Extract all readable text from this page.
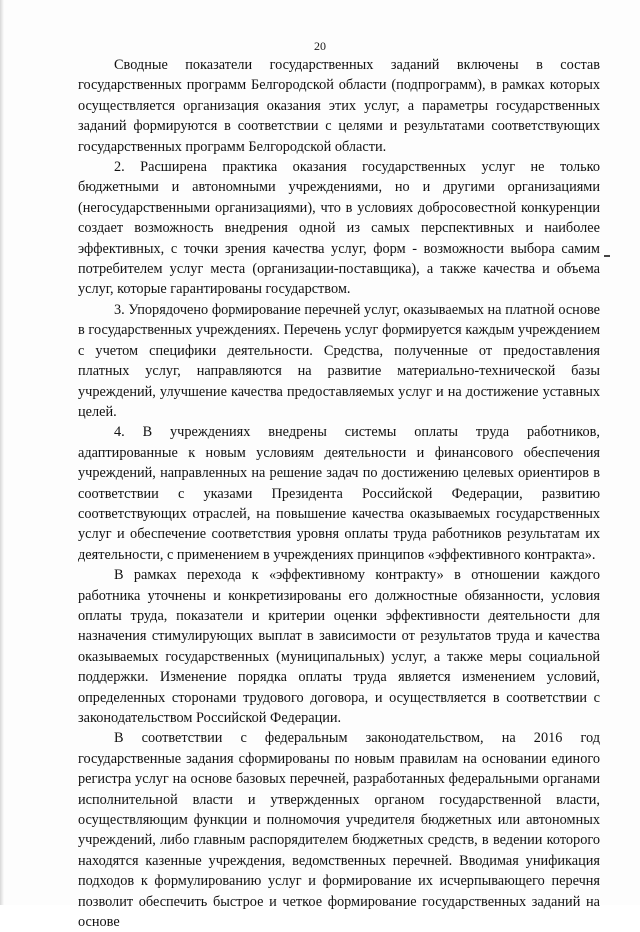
20

Сводные показатели государственных заданий включены в состав государственных программ Белгородской области (подпрограмм), в рамках которых осуществляется организация оказания этих услуг, а параметры государственных заданий формируются в соответствии с целями и результатами соответствующих государственных программ Белгородской области.

2. Расширена практика оказания государственных услуг не только бюджетными и автономными учреждениями, но и другими организациями (негосударственными организациями), что в условиях добросовестной конкуренции создает возможность внедрения одной из самых перспективных и наиболее эффективных, с точки зрения качества услуг, форм - возможности выбора самим потребителем услуг места (организации-поставщика), а также качества и объема услуг, которые гарантированы государством.

3. Упорядочено формирование перечней услуг, оказываемых на платной основе в государственных учреждениях. Перечень услуг формируется каждым учреждением с учетом специфики деятельности. Средства, полученные от предоставления платных услуг, направляются на развитие материально-технической базы учреждений, улучшение качества предоставляемых услуг и на достижение уставных целей.

4. В учреждениях внедрены системы оплаты труда работников, адаптированные к новым условиям деятельности и финансового обеспечения учреждений, направленных на решение задач по достижению целевых ориентиров в соответствии с указами Президента Российской Федерации, развитию соответствующих отраслей, на повышение качества оказываемых государственных услуг и обеспечение соответствия уровня оплаты труда работников результатам их деятельности, с применением в учреждениях принципов «эффективного контракта».

В рамках перехода к «эффективному контракту» в отношении каждого работника уточнены и конкретизированы его должностные обязанности, условия оплаты труда, показатели и критерии оценки эффективности деятельности для назначения стимулирующих выплат в зависимости от результатов труда и качества оказываемых государственных (муниципальных) услуг, а также меры социальной поддержки. Изменение порядка оплаты труда является изменением условий, определенных сторонами трудового договора, и осуществляется в соответствии с законодательством Российской Федерации.

В соответствии с федеральным законодательством, на 2016 год государственные задания сформированы по новым правилам на основании единого регистра услуг на основе базовых перечней, разработанных федеральными органами исполнительной власти и утвержденных органом государственной власти, осуществляющим функции и полномочия учредителя бюджетных или автономных учреждений, либо главным распорядителем бюджетных средств, в ведении которого находятся казенные учреждения, ведомственных перечней. Вводимая унификация подходов к формулированию услуг и формирование их исчерпывающего перечня позволит обеспечить быстрое и четкое формирование государственных заданий на основе
